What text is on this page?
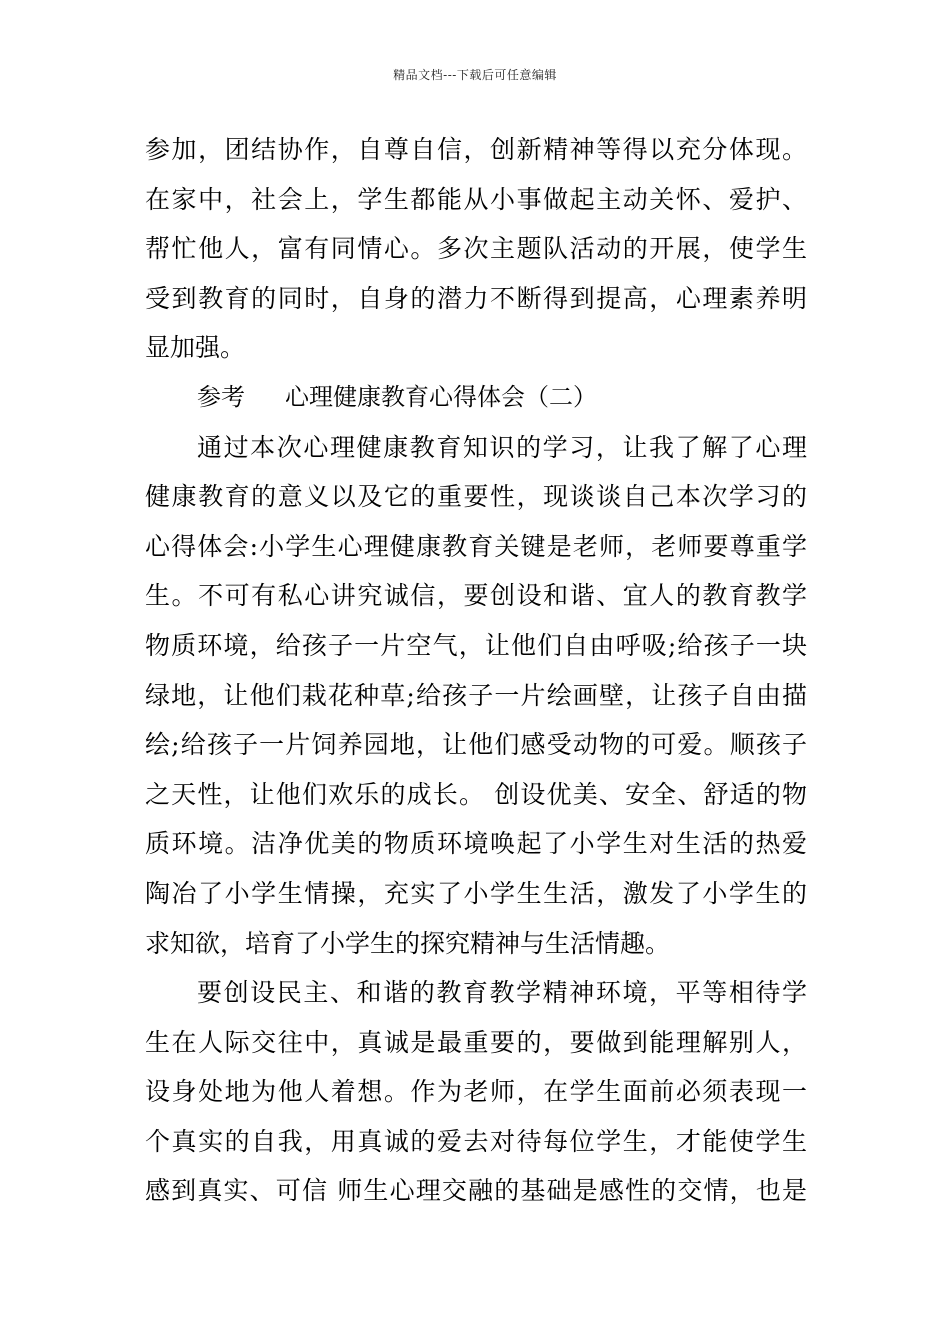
精品文档---下载后可任意编辑
参加，团结协作，自尊自信，创新精神等得以充分体现。
在家中，社会上，学生都能从小事做起主动关怀、爱护、
帮忙他人，富有同情心。多次主题队活动的开展，使学生
受到教育的同时，自身的潜力不断得到提高，心理素养明
显加强。
参考 心理健康教育心得体会（二）
通过本次心理健康教育知识的学习，让我了解了心理
健康教育的意义以及它的重要性，现谈谈自己本次学习的
心得体会:小学生心理健康教育关键是老师，老师要尊重学
生。不可有私心讲究诚信，要创设和谐、宜人的教育教学
物质环境，给孩子一片空气，让他们自由呼吸;给孩子一块
绿地，让他们栽花种草;给孩子一片绘画壁，让孩子自由描
绘;给孩子一片饲养园地，让他们感受动物的可爱。顺孩子
之天性，让他们欢乐的成长。 创设优美、安全、舒适的物
质环境。洁净优美的物质环境唤起了小学生对生活的热爱
陶冶了小学生情操，充实了小学生生活，激发了小学生的
求知欲，培育了小学生的探究精神与生活情趣。
要创设民主、和谐的教育教学精神环境，平等相待学
生在人际交往中，真诚是最重要的，要做到能理解别人，
设身处地为他人着想。作为老师，在学生面前必须表现一
个真实的自我，用真诚的爱去对待每位学生，才能使学生
感到真实、可信 师生心理交融的基础是感性的交情，也是
